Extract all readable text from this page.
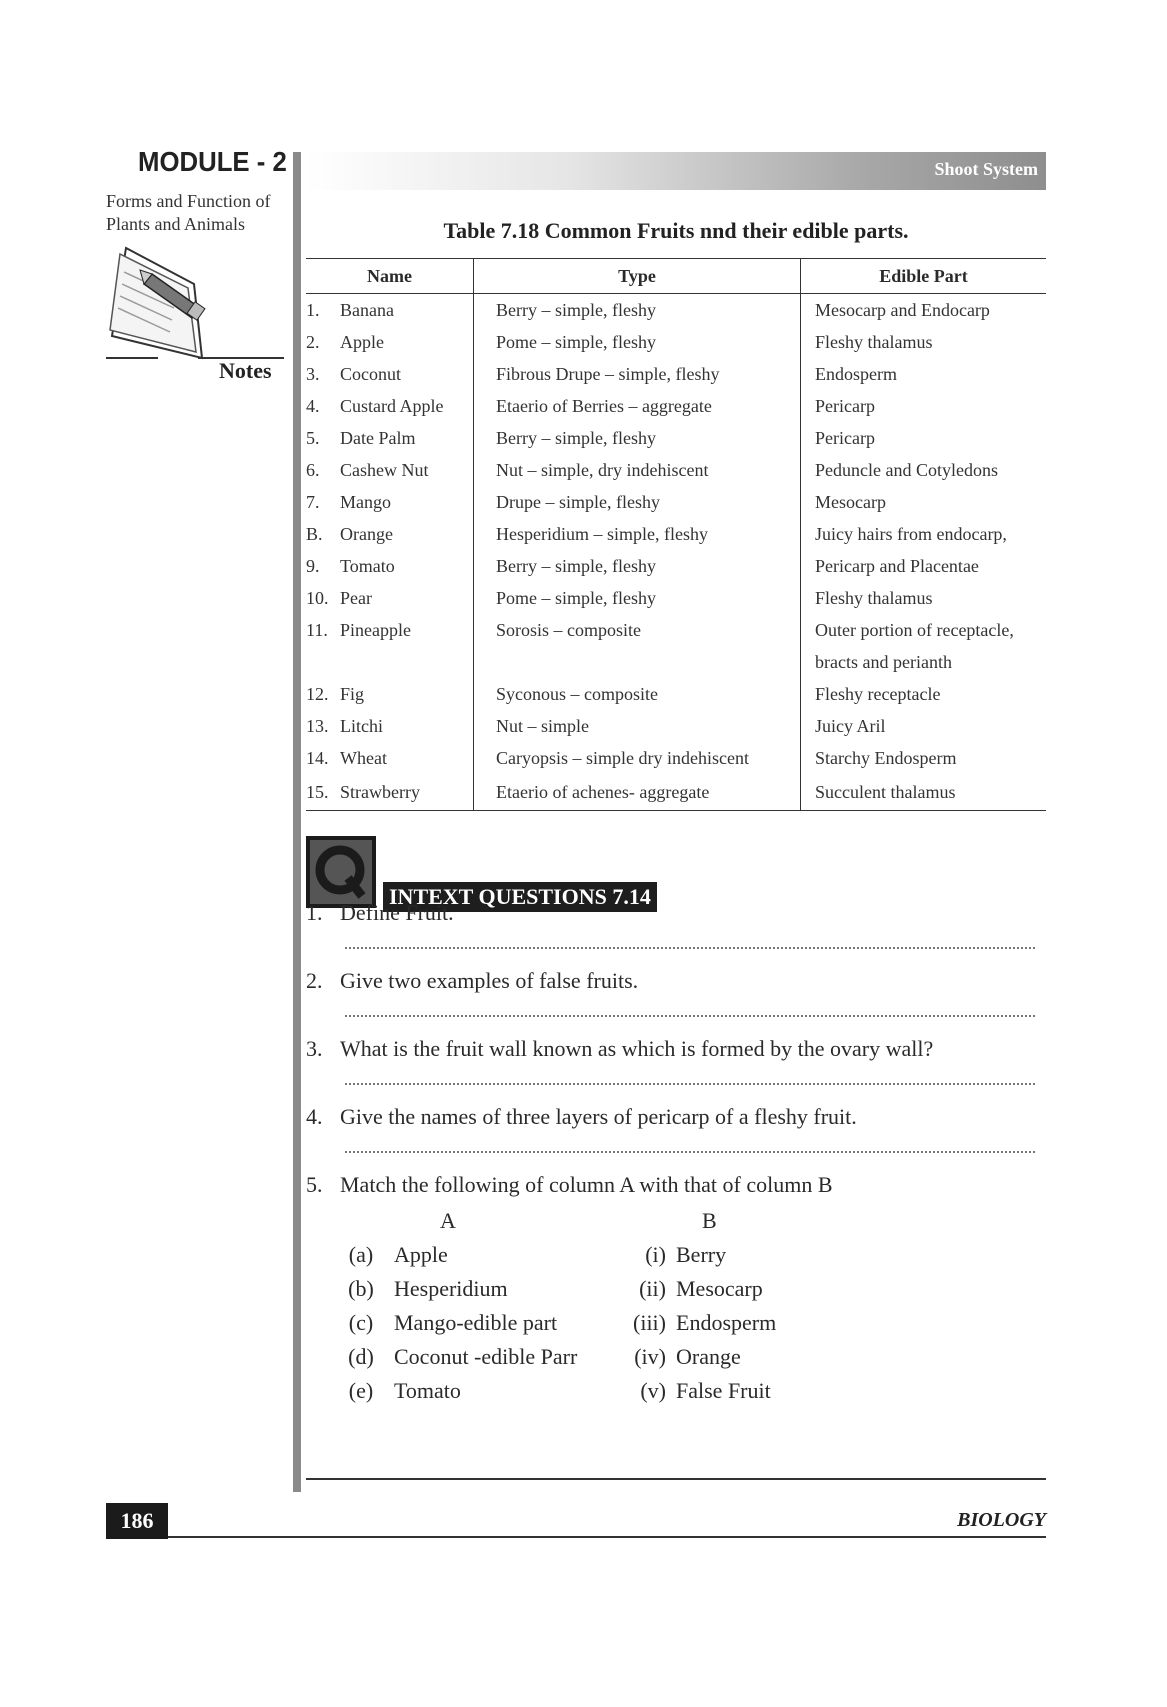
MODULE - 2
Forms and Function of
Plants and Animals
Notes
Shoot System
Table 7.18 Common Fruits nnd their edible parts.
Name	Type	Edible Part
1. Banana	Berry – simple, fleshy	Mesocarp and Endocarp
2. Apple	Pome – simple, fleshy	Fleshy thalamus
3. Coconut	Fibrous Drupe – simple, fleshy	Endosperm
4. Custard Apple	Etaerio of Berries – aggregate	Pericarp
5. Date Palm	Berry – simple, fleshy	Pericarp
6. Cashew Nut	Nut – simple, dry indehiscent	Peduncle and Cotyledons
7. Mango	Drupe – simple, fleshy	Mesocarp
B. Orange	Hesperidium – simple, fleshy	Juicy hairs from endocarp,
9. Tomato	Berry – simple, fleshy	Pericarp and Placentae
10. Pear	Pome – simple, fleshy	Fleshy thalamus
11. Pineapple	Sorosis – composite	Outer portion of receptacle,
		bracts and perianth
12. Fig	Syconous – composite	Fleshy receptacle
13. Litchi	Nut – simple	Juicy Aril
14. Wheat	Caryopsis – simple dry indehiscent	Starchy Endosperm
15. Strawberry	Etaerio of achenes- aggregate	Succulent thalamus
INTEXT QUESTIONS 7.14
1. Define Fruit.
2. Give two examples of false fruits.
3. What is the fruit wall known as which is formed by the ovary wall?
4. Give the names of three layers of pericarp of a fleshy fruit.
5. Match the following of column A with that of column B
A	B
(a) Apple	(i) Berry
(b) Hesperidium	(ii) Mesocarp
(c) Mango-edible part	(iii) Endosperm
(d) Coconut -edible Parr	(iv) Orange
(e) Tomato	(v) False Fruit
186	BIOLOGY
